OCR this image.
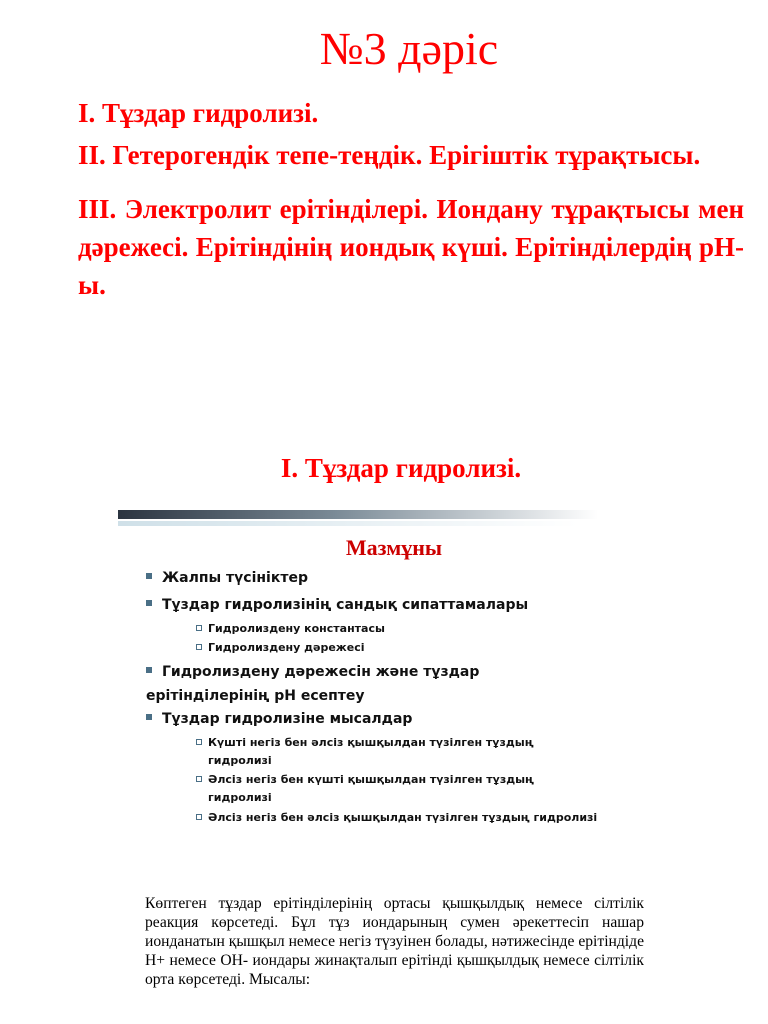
№3 дәріс

І. Тұздар гидролизі.

ІІ. Гетерогендік тепе-теңдік. Ерігіштік тұрақтысы.

ІІІ. Электролит ерітінділері. Иондану тұрақтысы мен дәрежесі. Ерітіндінің иондық күші. Ерітінділердің рН-ы.

І. Тұздар гидролизі.
Мазмұны
Жалпы түсініктер
Тұздар гидролизінің сандық сипаттамалары
Гидролиздену константасы
Гидролиздену дәрежесі
Гидролиздену дәрежесін және тұздар ерітінділерінің рН есептеу
Тұздар гидролизіне мысалдар
Күшті негіз бен әлсіз қышқылдан түзілген тұздың
гидролизі
Әлсіз негіз бен күшті қышқылдан түзілген тұздың
гидролизі
Әлсіз негіз бен әлсіз қышқылдан түзілген тұздың гидролизі

Көптеген тұздар ерітінділерінің ортасы қышқылдық немесе сілтілік реакция көрсетеді. Бұл тұз иондарының сумен әрекеттесіп нашар ионданатын қышқыл немесе негіз түзуінен болады, нәтижесінде ерітіндіде Н+ немесе ОН- иондары жинақталып ерітінді қышқылдық немесе сілтілік орта көрсетеді. Мысалы:
